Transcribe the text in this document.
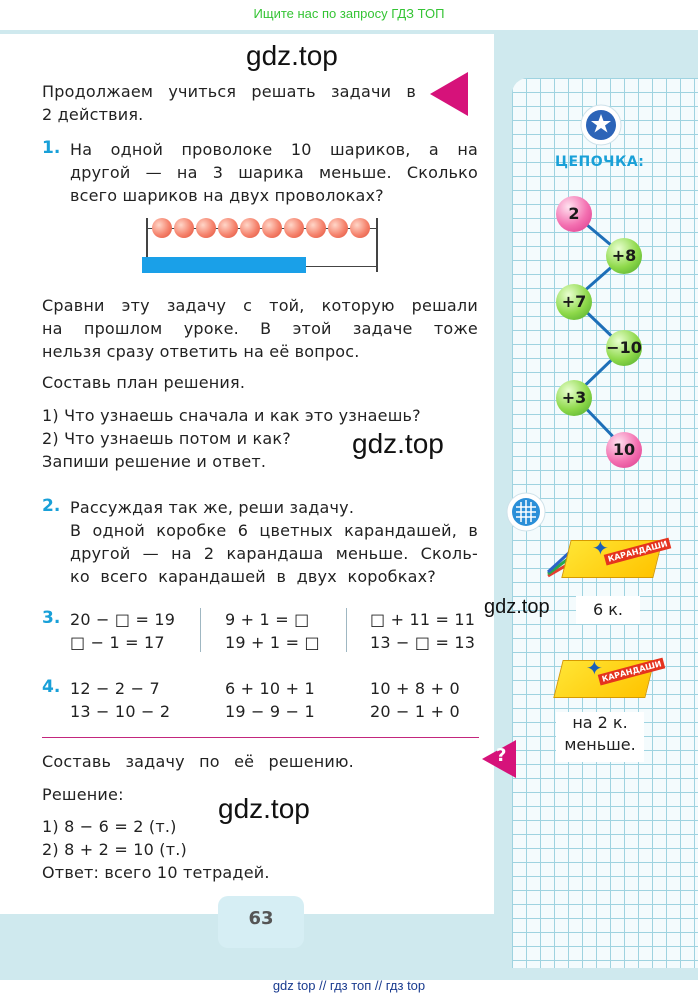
Ищите нас по запросу ГДЗ ТОП
Продолжаем учиться решать задачи в
2 действия.
1. На одной проволоке 10 шариков, а на
другой — на 3 шарика меньше. Сколько
всего шариков на двух проволоках?
Сравни эту задачу с той, которую решали
на прошлом уроке. В этой задаче тоже
нельзя сразу ответить на её вопрос.
Составь план решения.
1) Что узнаешь сначала и как это узнаешь?
2) Что узнаешь потом и как?
Запиши решение и ответ.
2. Рассуждая так же, реши задачу.
В одной коробке 6 цветных карандашей, в
другой — на 2 карандаша меньше. Сколь-
ко всего карандашей в двух коробках?
3. 20 − □ = 19
□ − 1 = 17
9 + 1 = □
19 + 1 = □
□ + 11 = 11
13 − □ = 13
4. 12 − 2 − 7
13 − 10 − 2
6 + 10 + 1
19 − 9 − 1
10 + 8 + 0
20 − 1 + 0
?
Составь задачу по её решению.
Решение:
1) 8 − 6 = 2 (т.)
2) 8 + 2 = 10 (т.)
Ответ: всего 10 тетрадей.
63
ЦЕПОЧКА:
2
+8
+7
−10
+3
10
✦
КАРАНДАШИ
6 к.
✦
КАРАНДАШИ
на 2 к.
меньше.
gdz.top
gdz.top
gdz.top
gdz.top
gdz top // гдз топ // гдз top
